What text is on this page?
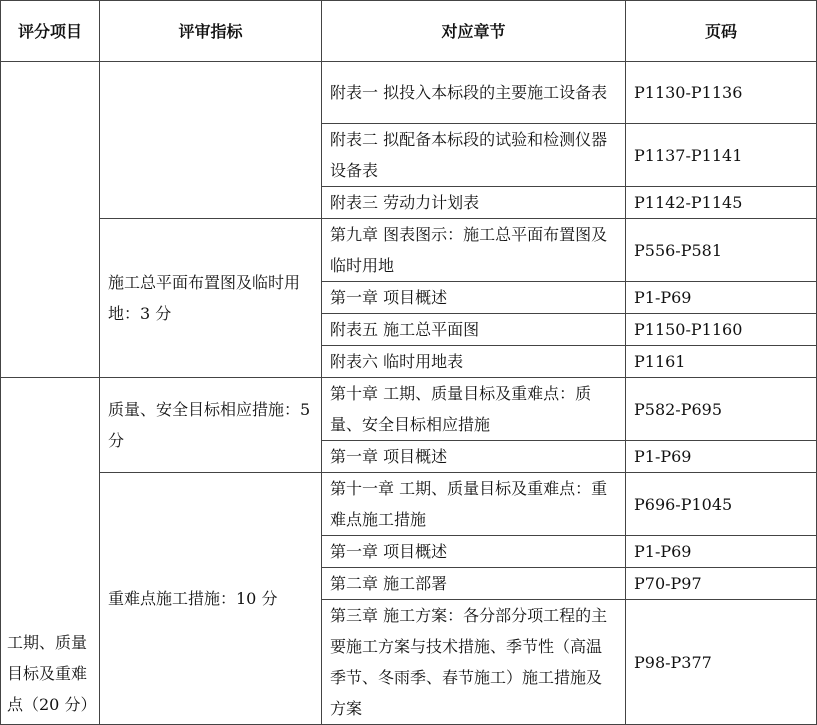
评分项目	评审指标	对应章节	页码
		附表一 拟投入本标段的主要施工设备表	P1130-P1136
		附表二 拟配备本标段的试验和检测仪器设备表	P1137-P1141
		附表三 劳动力计划表	P1142-P1145
	施工总平面布置图及临时用地：3 分	第九章 图表图示：施工总平面布置图及临时用地	P556-P581
		第一章 项目概述	P1-P69
		附表五 施工总平面图	P1150-P1160
		附表六 临时用地表	P1161
工期、质量目标及重难点（20 分）	质量、安全目标相应措施：5 分	第十章 工期、质量目标及重难点：质量、安全目标相应措施	P582-P695
		第一章 项目概述	P1-P69
	重难点施工措施：10 分	第十一章 工期、质量目标及重难点：重难点施工措施	P696-P1045
		第一章 项目概述	P1-P69
		第二章 施工部署	P70-P97
		第三章 施工方案：各分部分项工程的主要施工方案与技术措施、季节性（高温季节、冬雨季、春节施工）施工措施及方案	P98-P377
